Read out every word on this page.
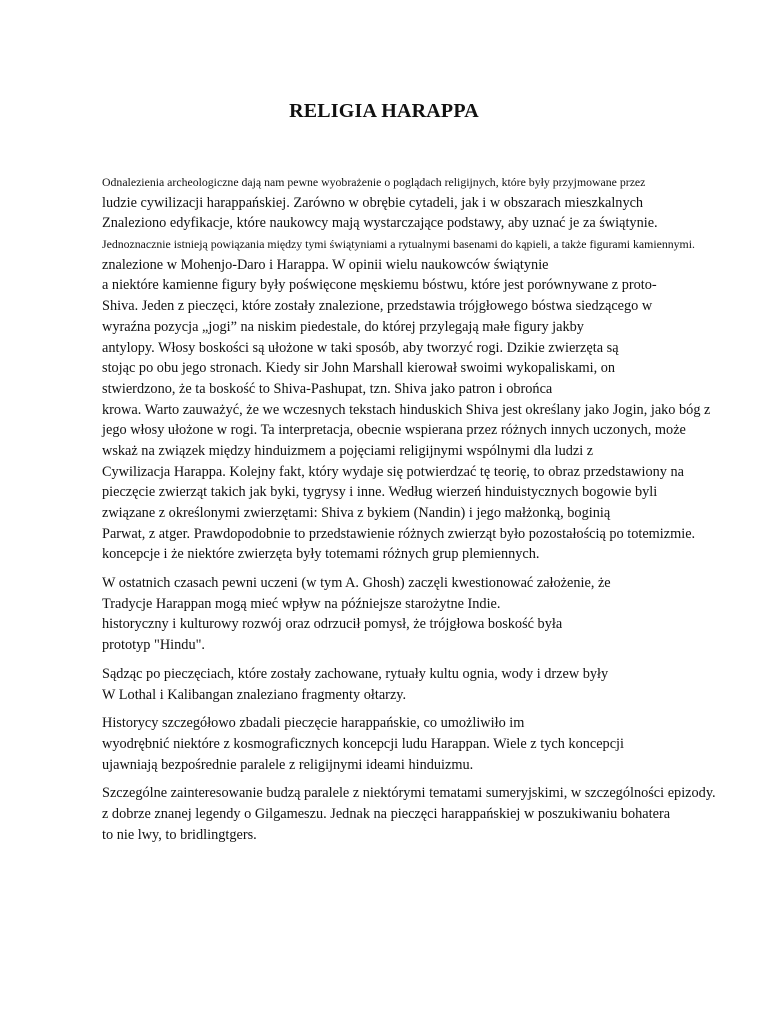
RELIGIA HARAPPA
Odnalezienia archeologiczne dają nam pewne wyobrażenie o poglądach religijnych, które były przyjmowane przez
ludzie cywilizacji harappańskiej. Zarówno w obrębie cytadeli, jak i w obszarach mieszkalnych
Znaleziono edyfikacje, które naukowcy mają wystarczające podstawy, aby uznać je za świątynie.
Jednoznacznie istnieją powiązania między tymi świątyniami a rytualnymi basenami do kąpieli, a także figurami kamiennymi.
znalezione w Mohenjo-Daro i Harappa. W opinii wielu naukowców świątynie
a niektóre kamienne figury były poświęcone męskiemu bóstwu, które jest porównywane z proto-
Shiva. Jeden z pieczęci, które zostały znalezione, przedstawia trójgłowego bóstwa siedzącego w
wyraźna pozycja „jogi” na niskim piedestale, do której przylegają małe figury jakby
antylopy. Włosy boskości są ułożone w taki sposób, aby tworzyć rogi. Dzikie zwierzęta są
stojąc po obu jego stronach. Kiedy sir John Marshall kierował swoimi wykopaliskami, on
stwierdzono, że ta boskość to Shiva-Pashupat, tzn. Shiva jako patron i obrońca
krowa. Warto zauważyć, że we wczesnych tekstach hinduskich Shiva jest określany jako Jogin, jako bóg z
jego włosy ułożone w rogi. Ta interpretacja, obecnie wspierana przez różnych innych uczonych, może
wskaż na związek między hinduizmem a pojęciami religijnymi wspólnymi dla ludzi z
Cywilizacja Harappa. Kolejny fakt, który wydaje się potwierdzać tę teorię, to obraz przedstawiony na
pieczęcie zwierząt takich jak byki, tygrysy i inne. Według wierzeń hinduistycznych bogowie byli
związane z określonymi zwierzętami: Shiva z bykiem (Nandin) i jego małżonką, boginią
Parwat, z atger. Prawdopodobnie to przedstawienie różnych zwierząt było pozostałością po totemizmie.
koncepcje i że niektóre zwierzęta były totemami różnych grup plemiennych.
W ostatnich czasach pewni uczeni (w tym A. Ghosh) zaczęli kwestionować założenie, że
Tradycje Harappan mogą mieć wpływ na późniejsze starożytne Indie.
historyczny i kulturowy rozwój oraz odrzucił pomysł, że trójgłowa boskość była
prototyp "Hindu".
Sądząc po pieczęciach, które zostały zachowane, rytuały kultu ognia, wody i drzew były
W Lothal i Kalibangan znaleziano fragmenty ołtarzy.
Historycy szczegółowo zbadali pieczęcie harappańskie, co umożliwiło im
wyodrębnić niektóre z kosmograficznych koncepcji ludu Harappan. Wiele z tych koncepcji
ujawniają bezpośrednie paralele z religijnymi ideami hinduizmu.
Szczególne zainteresowanie budzą paralele z niektórymi tematami sumeryjskimi, w szczególności epizody.
z dobrze znanej legendy o Gilgameszu. Jednak na pieczęci harappańskiej w poszukiwaniu bohatera
to nie lwy, to bridlingtgers.
